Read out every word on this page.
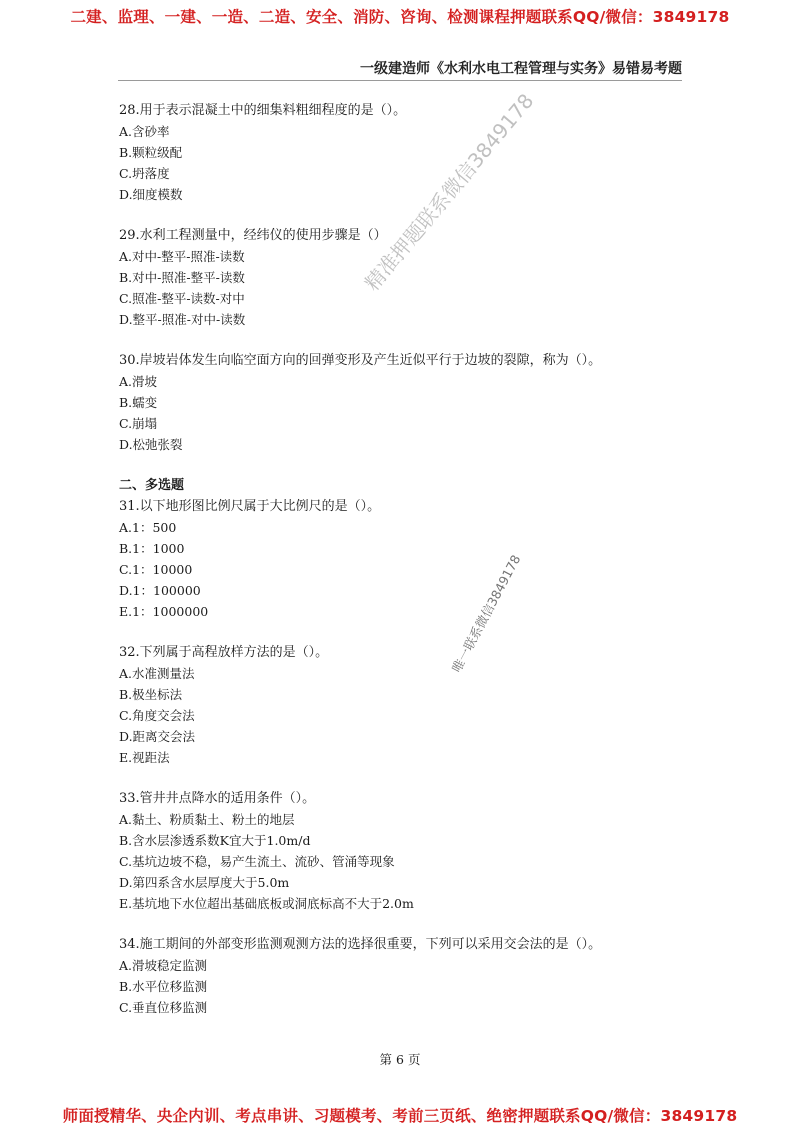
二建、监理、一建、一造、二造、安全、消防、咨询、检测课程押题联系QQ/微信：3849178
一级建造师《水利水电工程管理与实务》易错易考题
28.用于表示混凝土中的细集料粗细程度的是（）。
A.含砂率
B.颗粒级配
C.坍落度
D.细度模数
29.水利工程测量中，经纬仪的使用步骤是（）
A.对中-整平-照准-读数
B.对中-照准-整平-读数
C.照准-整平-读数-对中
D.整平-照准-对中-读数
30.岸坡岩体发生向临空面方向的回弹变形及产生近似平行于边坡的裂隙，称为（）。
A.滑坡
B.蠕变
C.崩塌
D.松弛张裂
二、多选题
31.以下地形图比例尺属于大比例尺的是（）。
A.1：500
B.1：1000
C.1：10000
D.1：100000
E.1：1000000
32.下列属于高程放样方法的是（）。
A.水准测量法
B.极坐标法
C.角度交会法
D.距离交会法
E.视距法
33.管井井点降水的适用条件（）。
A.黏土、粉质黏土、粉土的地层
B.含水层渗透系数K宜大于1.0m/d
C.基坑边坡不稳，易产生流土、流砂、管涌等现象
D.第四系含水层厚度大于5.0m
E.基坑地下水位超出基础底板或洞底标高不大于2.0m
34.施工期间的外部变形监测观测方法的选择很重要，下列可以采用交会法的是（）。
A.滑坡稳定监测
B.水平位移监测
C.垂直位移监测
精准押题联系微信3849178
唯一联系微信3849178
第 6 页
师面授精华、央企内训、考点串讲、习题模考、考前三页纸、绝密押题联系QQ/微信：3849178
